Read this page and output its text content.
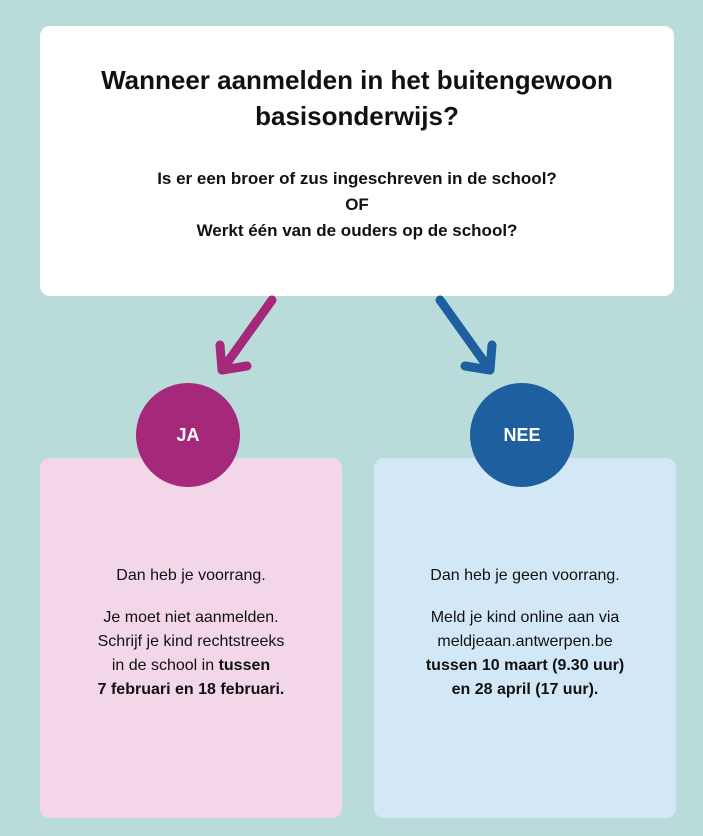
Wanneer aanmelden in het buitengewoon basisonderwijs?
Is er een broer of zus ingeschreven in de school?
OF
Werkt één van de ouders op de school?
Dan heb je voorrang.
Je moet niet aanmelden.
Schrijf je kind rechtstreeks
in de school in tussen
7 februari en 18 februari.
Dan heb je geen voorrang.
Meld je kind online aan via
meldjeaan.antwerpen.be
tussen 10 maart (9.30 uur)
en 28 april (17 uur).
JA	NEE
